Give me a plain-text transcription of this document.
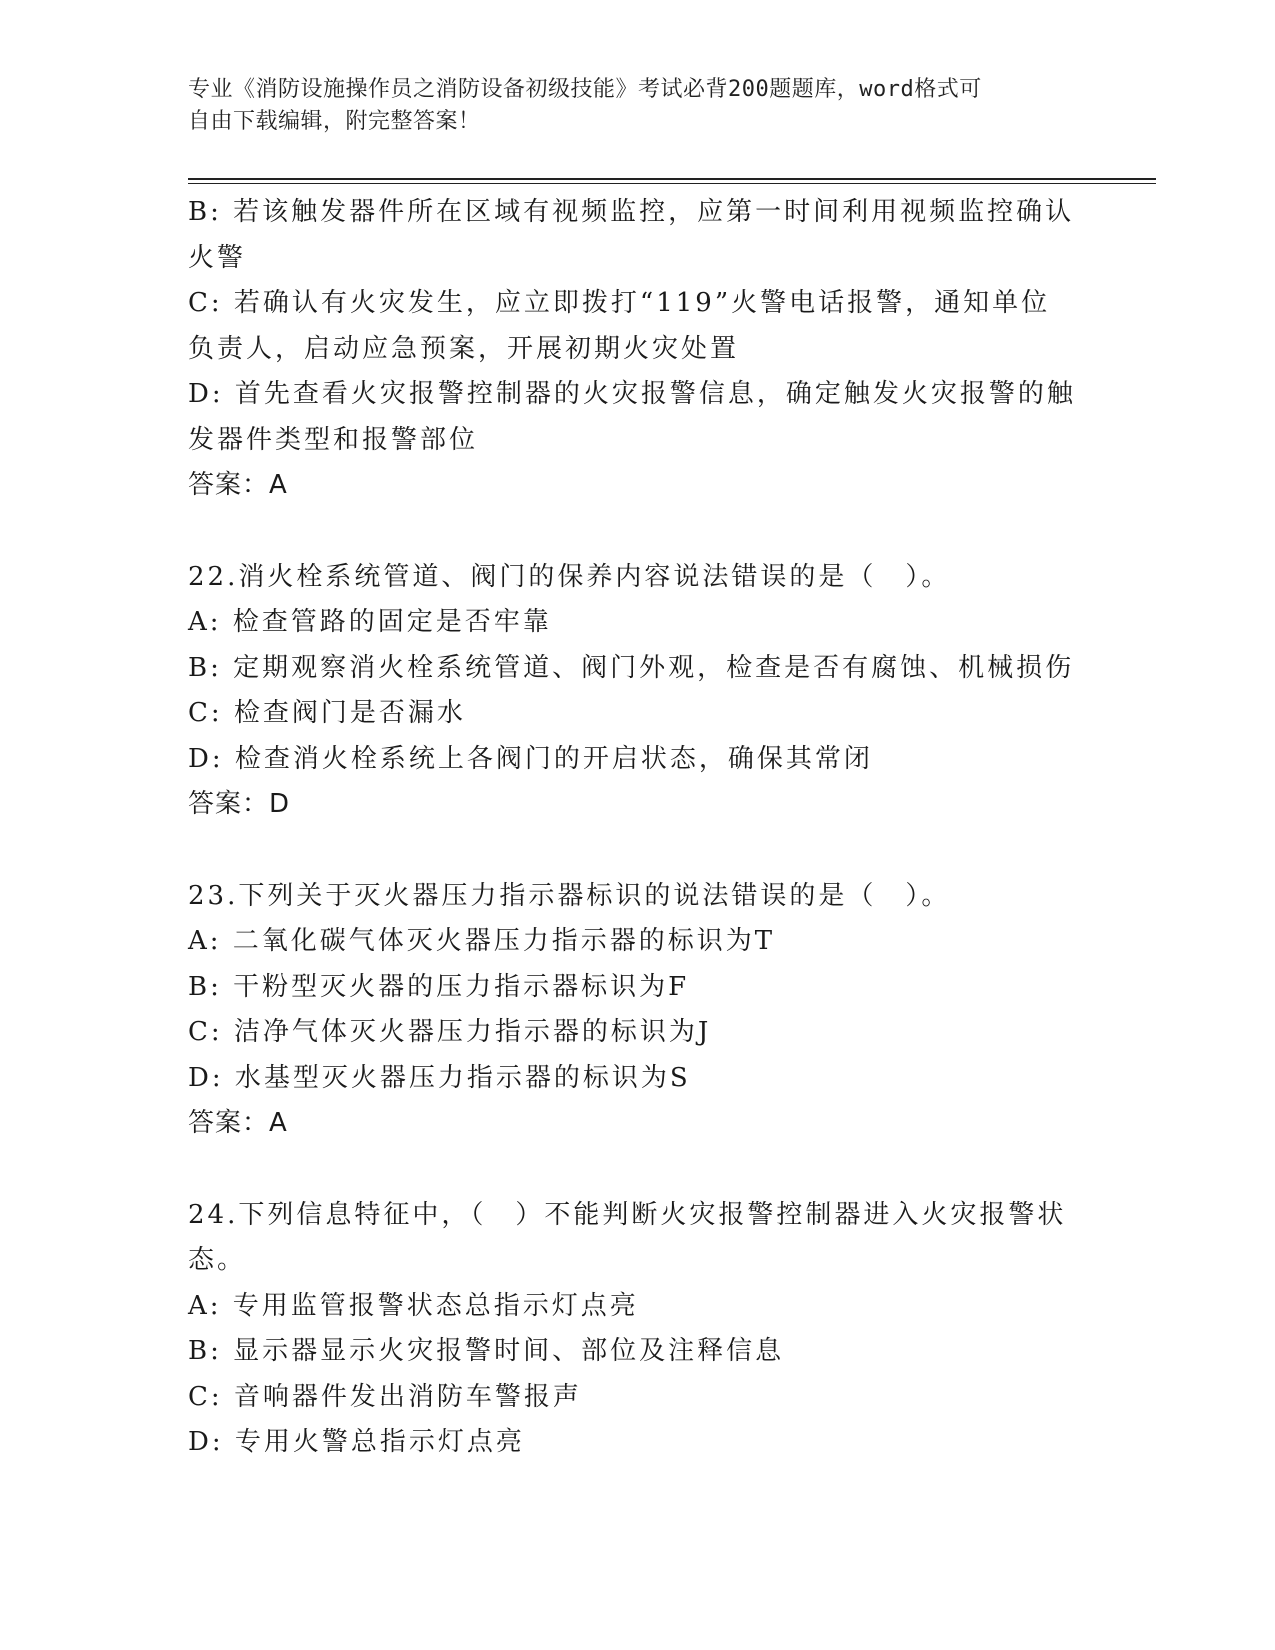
专业《消防设施操作员之消防设备初级技能》考试必背200题题库，word格式可
自由下载编辑，附完整答案！

B: 若该触发器件所在区域有视频监控，应第一时间利用视频监控确认

火警

C: 若确认有火灾发生，应立即拨打“119”火警电话报警，通知单位

负责人，启动应急预案，开展初期火灾处置

D: 首先查看火灾报警控制器的火灾报警信息，确定触发火灾报警的触

发器件类型和报警部位

答案：A

22.消火栓系统管道、阀门的保养内容说法错误的是（　）。

A: 检查管路的固定是否牢靠

B: 定期观察消火栓系统管道、阀门外观，检查是否有腐蚀、机械损伤

C: 检查阀门是否漏水

D: 检查消火栓系统上各阀门的开启状态，确保其常闭

答案：D

23.下列关于灭火器压力指示器标识的说法错误的是（　）。

A: 二氧化碳气体灭火器压力指示器的标识为T

B: 干粉型灭火器的压力指示器标识为F

C: 洁净气体灭火器压力指示器的标识为J

D: 水基型灭火器压力指示器的标识为S

答案：A

24.下列信息特征中，（　）不能判断火灾报警控制器进入火灾报警状

态。

A: 专用监管报警状态总指示灯点亮

B: 显示器显示火灾报警时间、部位及注释信息

C: 音响器件发出消防车警报声

D: 专用火警总指示灯点亮
